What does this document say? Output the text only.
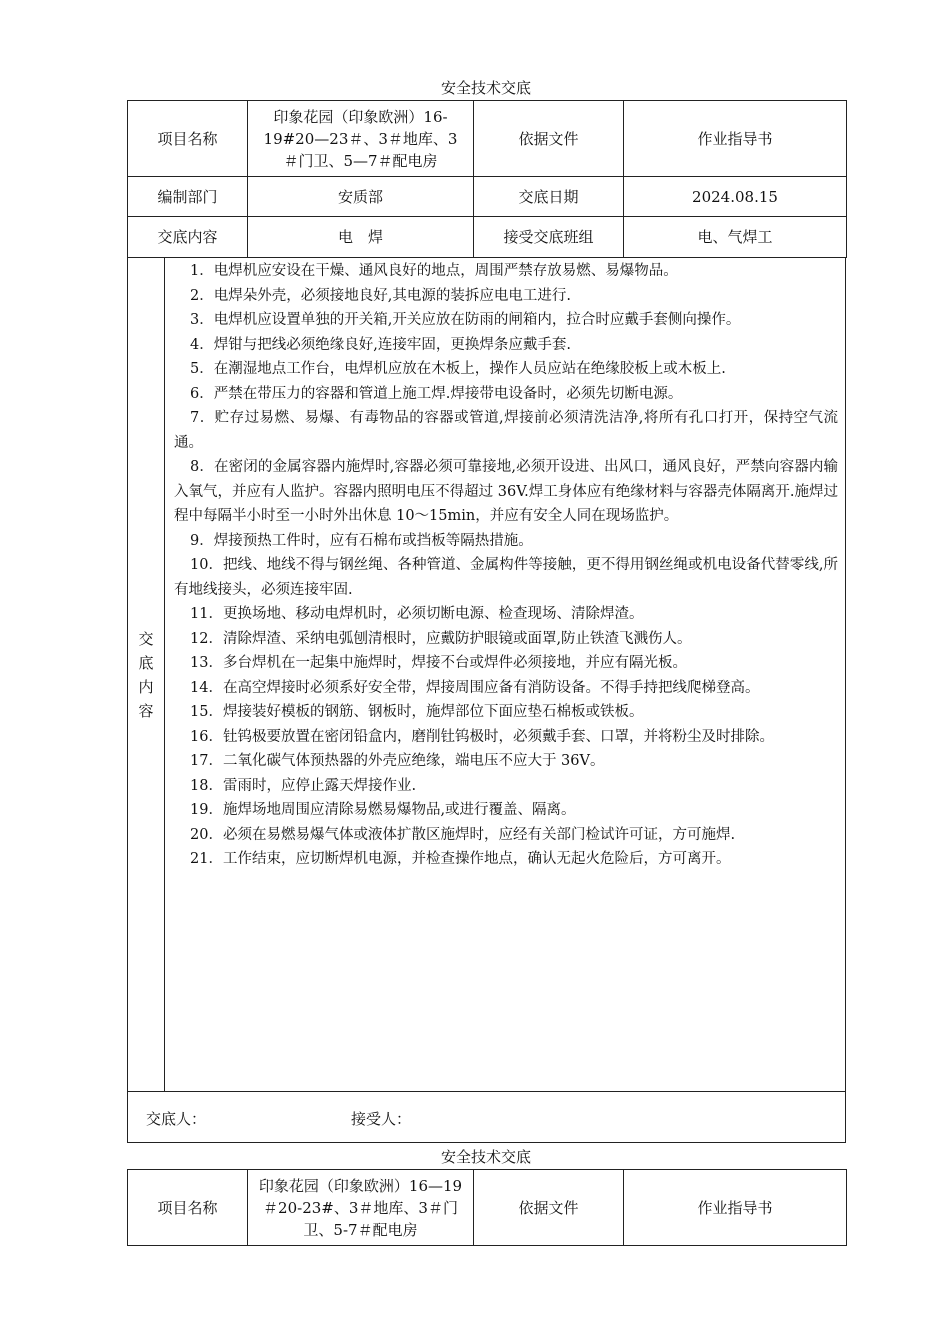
安全技术交底
项目名称	印象花园（印象欧洲）16-19#20—23＃、3＃地库、3＃门卫、5—7＃配电房	依据文件	作业指导书
编制部门	安质部	交底日期	2024.08.15
交底内容	电　焊	接受交底班组	电、气焊工
交底内容

1．电焊机应安设在干燥、通风良好的地点，周围严禁存放易燃、易爆物品。

2．电焊朵外壳，必须接地良好,其电源的装拆应电电工进行.

3．电焊机应设置单独的开关箱,开关应放在防雨的闸箱内，拉合时应戴手套侧向操作。

4．焊钳与把线必须绝缘良好,连接牢固，更换焊条应戴手套.

5．在潮湿地点工作台，电焊机应放在木板上，操作人员应站在绝缘胶板上或木板上.

6．严禁在带压力的容器和管道上施工焊.焊接带电设备时，必须先切断电源。

7．贮存过易燃、易爆、有毒物品的容器或管道,焊接前必须清洗洁净,将所有孔口打开，保持空气流通。

8．在密闭的金属容器内施焊时,容器必须可靠接地,必须开设进、出风口，通风良好，严禁向容器内输入氧气，并应有人监护。容器内照明电压不得超过 36V.焊工身体应有绝缘材料与容器壳体隔离开.施焊过程中每隔半小时至一小时外出休息 10～15min，并应有安全人同在现场监护。

9．焊接预热工件时，应有石棉布或挡板等隔热措施。

10．把线、地线不得与钢丝绳、各种管道、金属构件等接触，更不得用钢丝绳或机电设备代替零线,所有地线接头，必须连接牢固.

11．更换场地、移动电焊机时，必须切断电源、检查现场、清除焊渣。

12．清除焊渣、采纳电弧刨清根时，应戴防护眼镜或面罩,防止铁渣飞溅伤人。

13．多台焊机在一起集中施焊时，焊接不台或焊件必须接地，并应有隔光板。

14．在高空焊接时必须系好安全带，焊接周围应备有消防设备。不得手持把线爬梯登高。

15．焊接装好模板的钢筋、钢板时，施焊部位下面应垫石棉板或铁板。

16．钍钨极要放置在密闭铅盒内，磨削钍钨极时，必须戴手套、口罩，并将粉尘及时排除。

17．二氧化碳气体预热器的外壳应绝缘，端电压不应大于 36V。

18．雷雨时，应停止露天焊接作业.

19．施焊场地周围应清除易燃易爆物品,或进行覆盖、隔离。

20．必须在易燃易爆气体或液体扩散区施焊时，应经有关部门检试许可证，方可施焊.

21．工作结束，应切断焊机电源，并检查操作地点，确认无起火危险后，方可离开。

交底人：	接受人：
安全技术交底
项目名称	印象花园（印象欧洲）16—19＃20-23#、3＃地库、3＃门卫、5-7＃配电房	依据文件	作业指导书
